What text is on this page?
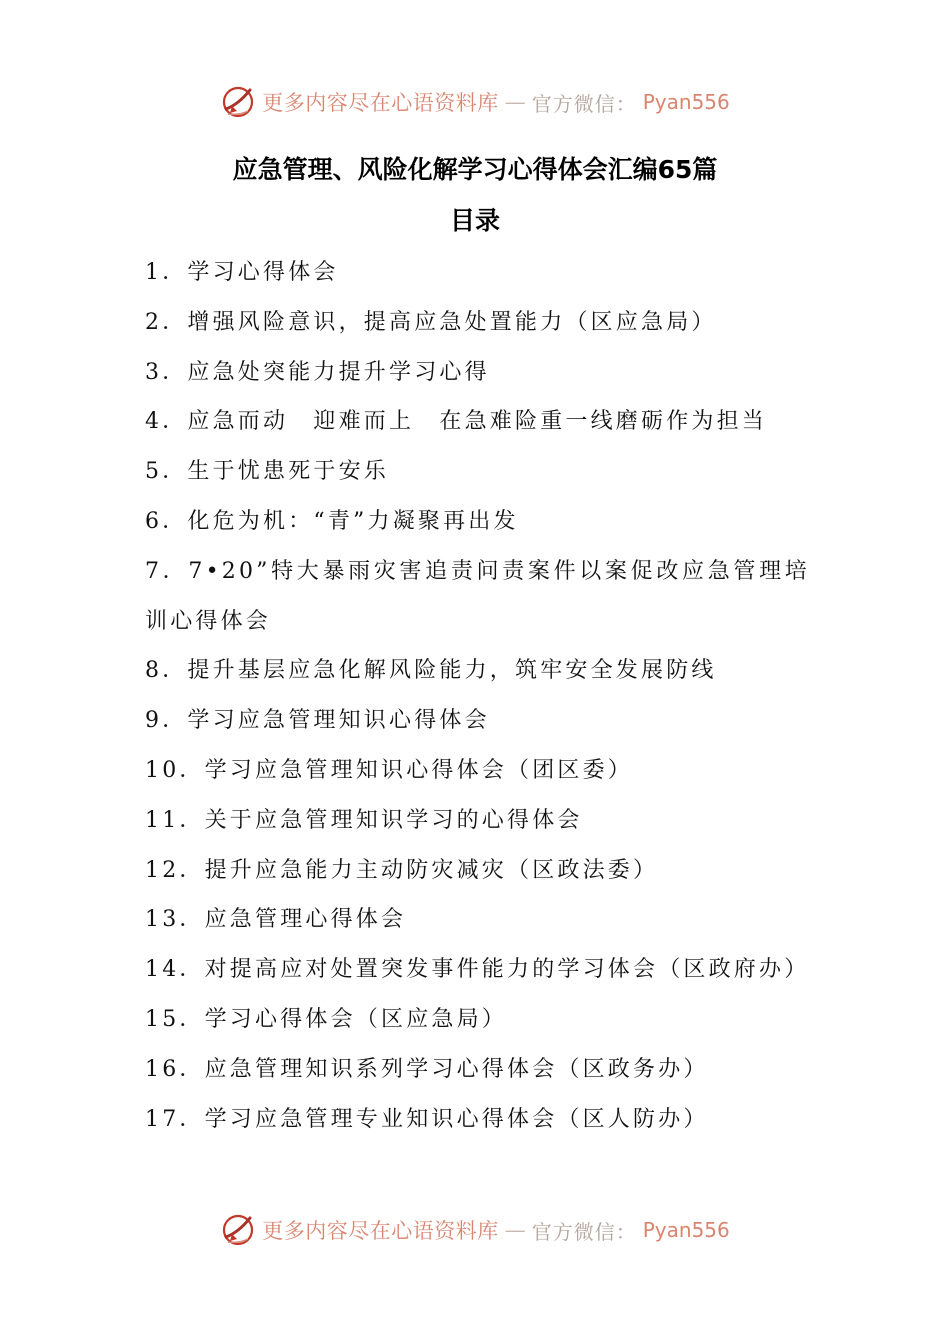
更多内容尽在心语资料库 — 官方微信： Pyan556
应急管理、风险化解学习心得体会汇编65篇
目录
1．学习心得体会
2．增强风险意识，提高应急处置能力（区应急局）
3．应急处突能力提升学习心得
4．应急而动　迎难而上　在急难险重一线磨砺作为担当
5．生于忧患死于安乐
6．化危为机：“青”力凝聚再出发
7．7•20”特大暴雨灾害追责问责案件以案促改应急管理培训心得体会
8．提升基层应急化解风险能力，筑牢安全发展防线
9．学习应急管理知识心得体会
10．学习应急管理知识心得体会（团区委）
11．关于应急管理知识学习的心得体会
12．提升应急能力主动防灾减灾（区政法委）
13．应急管理心得体会
14．对提高应对处置突发事件能力的学习体会（区政府办）
15．学习心得体会（区应急局）
16．应急管理知识系列学习心得体会（区政务办）
17．学习应急管理专业知识心得体会（区人防办）
更多内容尽在心语资料库 — 官方微信： Pyan556
